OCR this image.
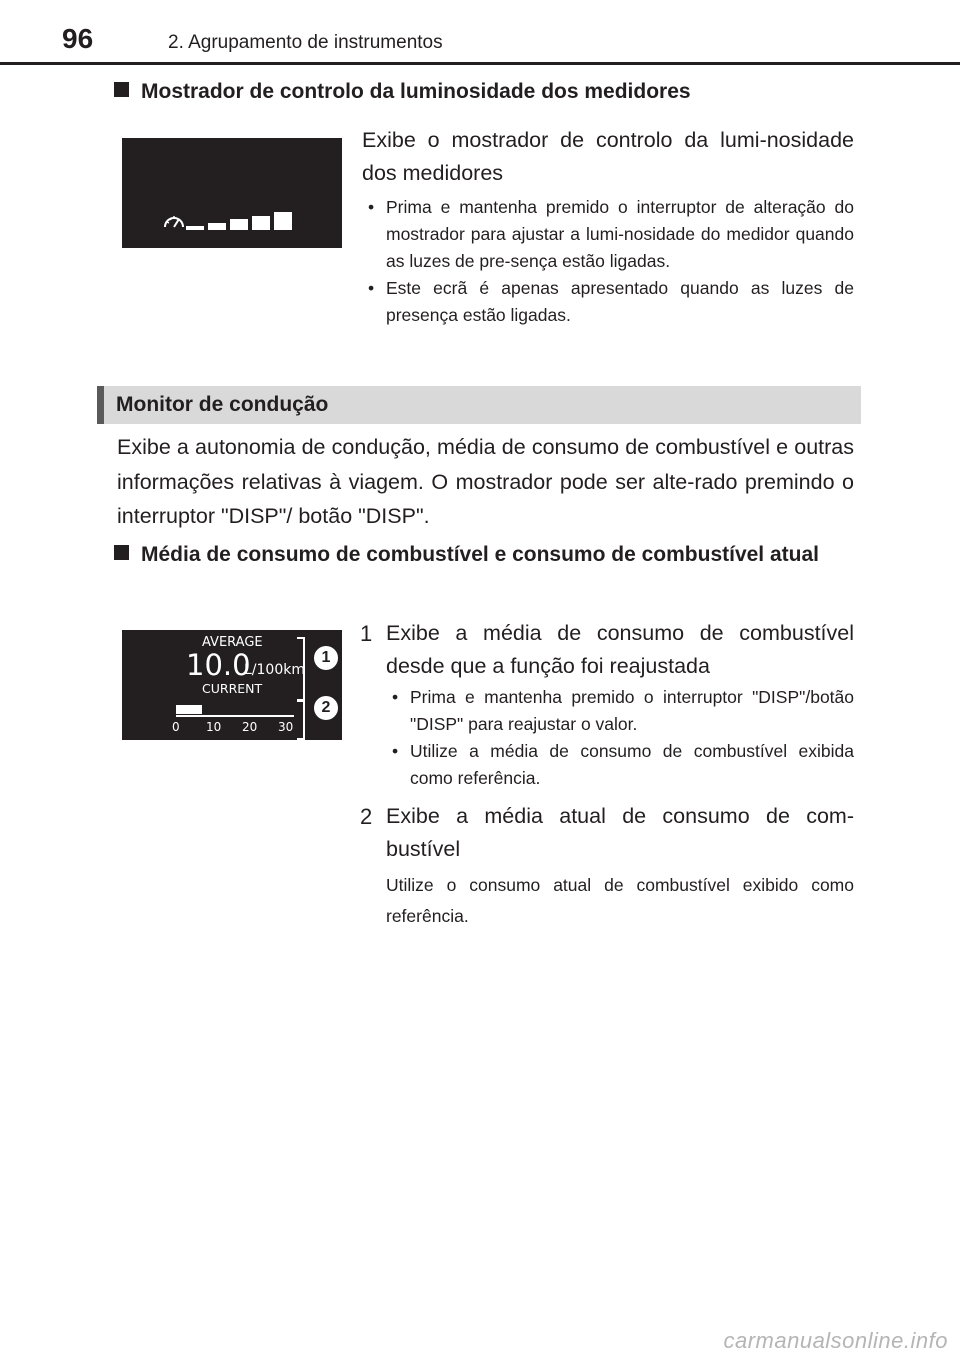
96	2. Agrupamento de instrumentos
Mostrador de controlo da luminosidade dos medidores
Exibe o mostrador de controlo da lumi-nosidade dos medidores
• Prima e mantenha premido o interruptor de alteração do mostrador para ajustar a lumi-nosidade do medidor quando as luzes de pre-sença estão ligadas.
• Este ecrã é apenas apresentado quando as luzes de presença estão ligadas.
Monitor de condução
Exibe a autonomia de condução, média de consumo de combustível e outras informações relativas à viagem. O mostrador pode ser alte-rado premindo o interruptor "DISP"/ botão "DISP".
Média de consumo de combustível e consumo de combustível atual
AVERAGE
10.0
L/100km
CURRENT
0 10 20 30
1
2
1 Exibe a média de consumo de combustível desde que a função foi reajustada
• Prima e mantenha premido o interruptor "DISP"/botão "DISP" para reajustar o valor.
• Utilize a média de consumo de combustível exibida como referência.
2 Exibe a média atual de consumo de com-bustível
Utilize o consumo atual de combustível exibido como referência.
carmanualsonline.info
